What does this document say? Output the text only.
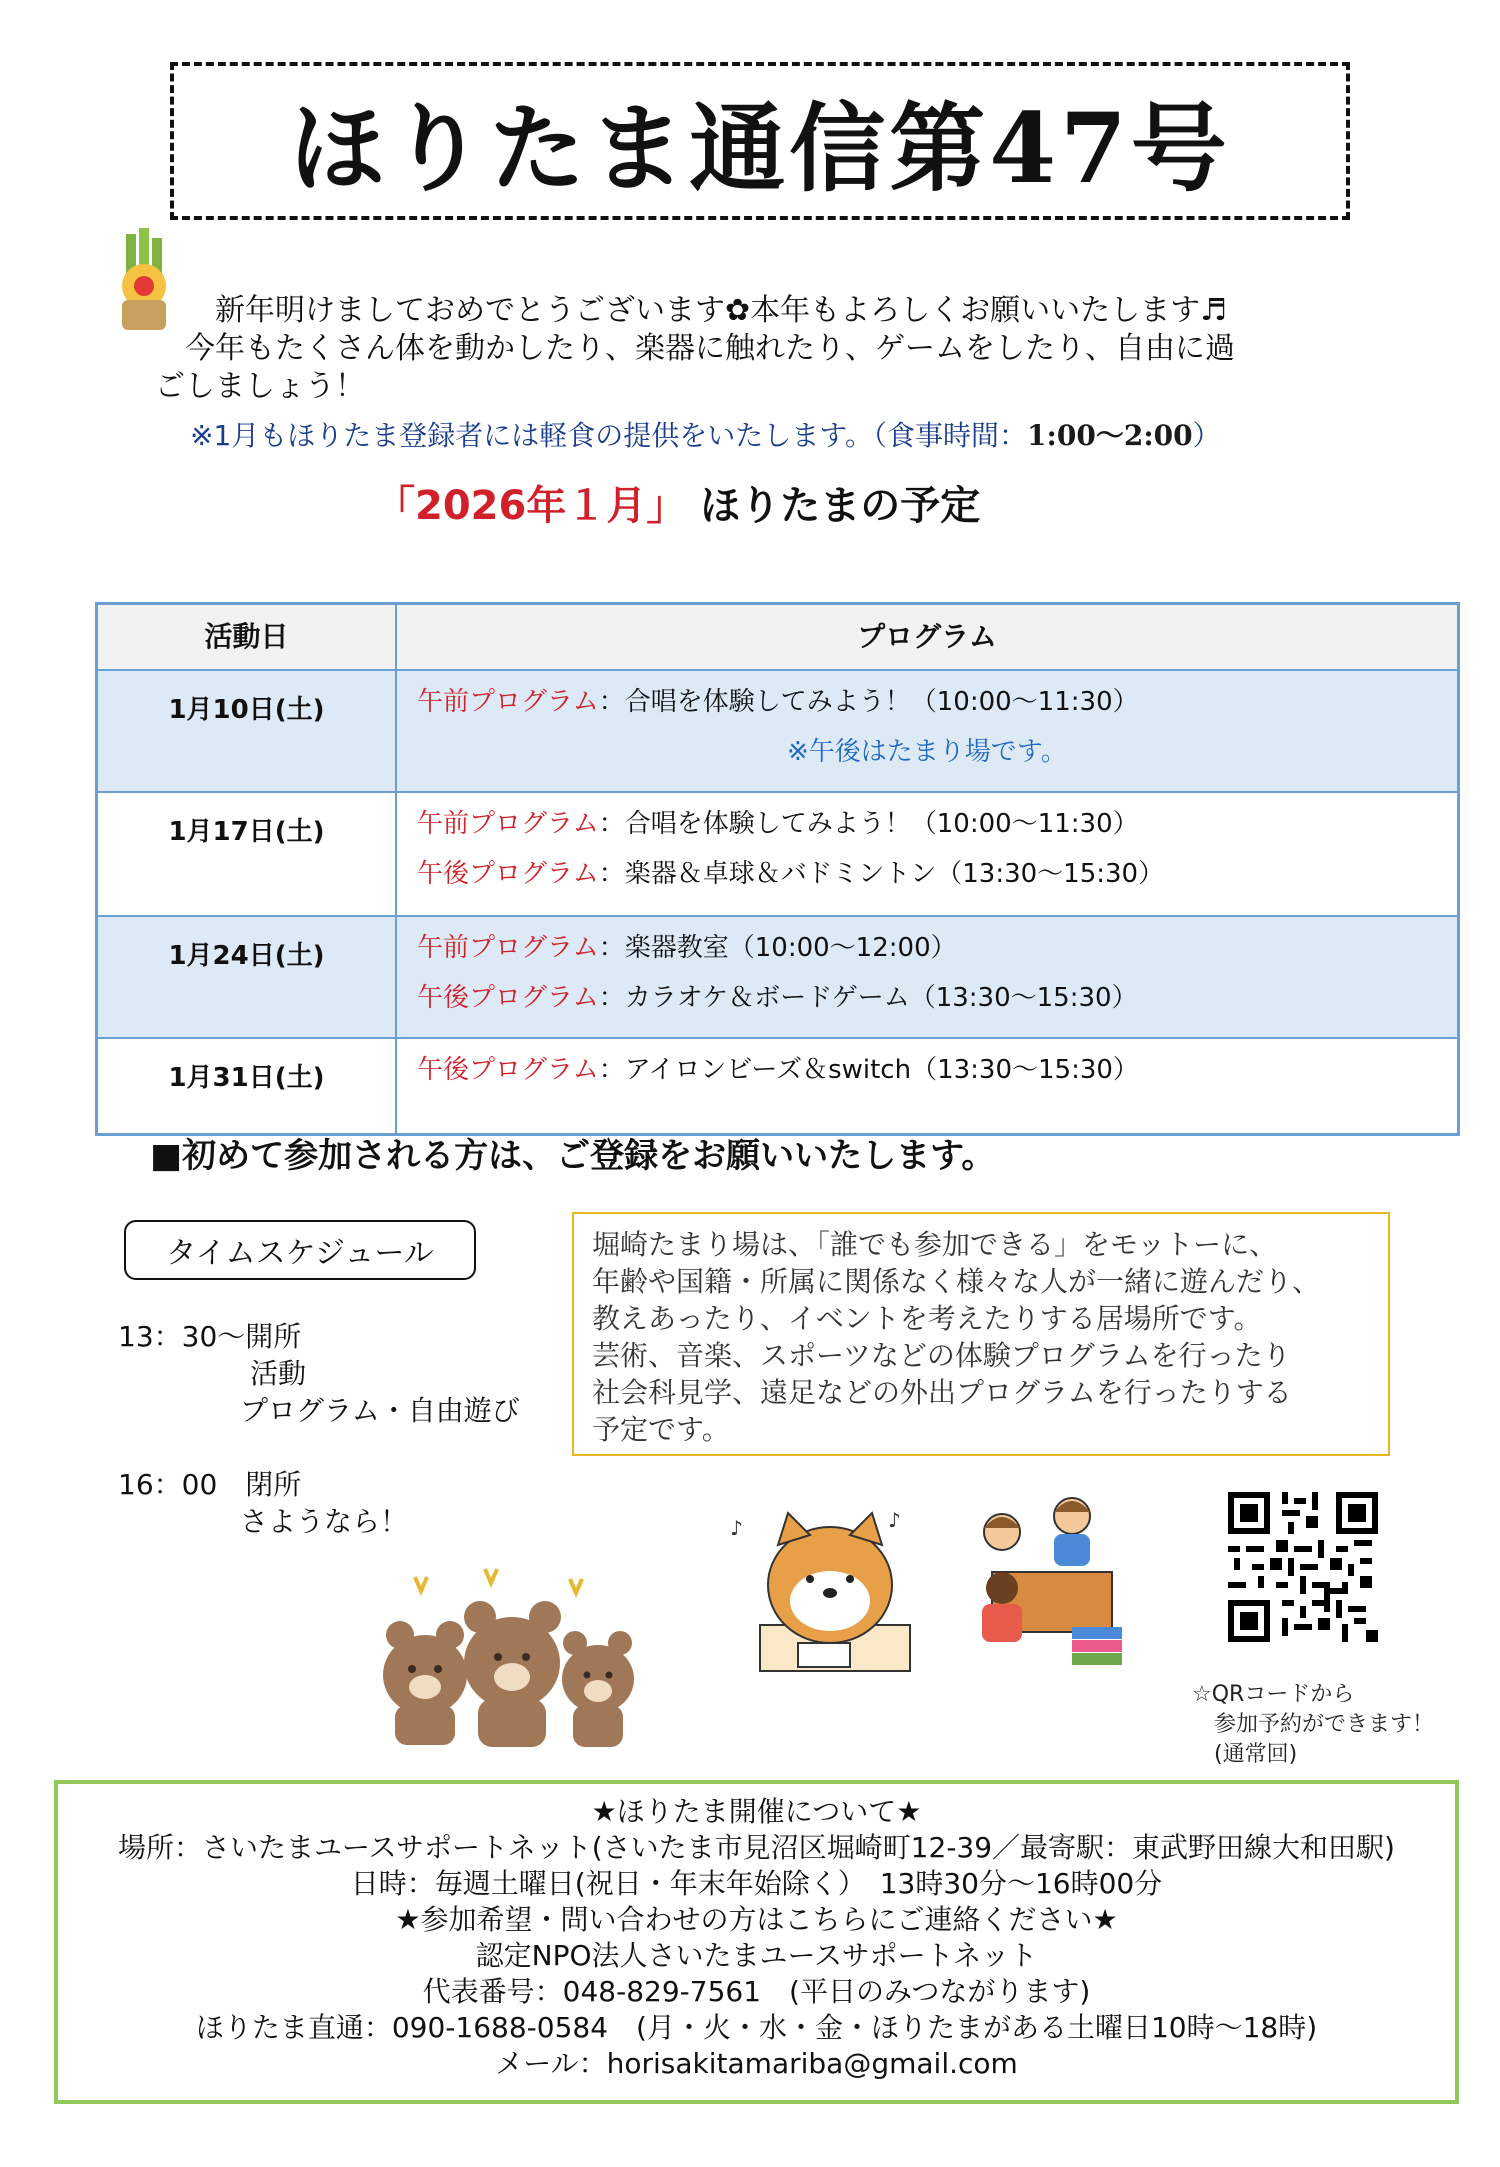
ほりたま通信第47号
新年明けましておめでとうございます✿本年もよろしくお願いいたします♬
今年もたくさん体を動かしたり、楽器に触れたり、ゲームをしたり、自由に過
ごしましょう！
※1月もほりたま登録者には軽食の提供をいたします。（食事時間：1:00～2:00）
「2026年１月」 ほりたまの予定
活動日	プログラム
1月10日(土)	午前プログラム：合唱を体験してみよう！（10:00～11:30）
※午後はたまり場です。
1月17日(土)	午前プログラム：合唱を体験してみよう！（10:00～11:30）
午後プログラム：楽器＆卓球＆バドミントン（13:30～15:30）
1月24日(土)	午前プログラム：楽器教室（10:00～12:00）
午後プログラム：カラオケ＆ボードゲーム（13:30～15:30）
1月31日(土)	午後プログラム：アイロンビーズ＆switch（13:30～15:30）
■初めて参加される方は、ご登録をお願いいたします。
タイムスケジュール
13：30～開所
活動
プログラム・自由遊び
16：00　閉所
さようなら！
堀崎たまり場は、「誰でも参加できる」をモットーに、
年齢や国籍・所属に関係なく様々な人が一緒に遊んだり、
教えあったり、イベントを考えたりする居場所です。
芸術、音楽、スポーツなどの体験プログラムを行ったり
社会科見学、遠足などの外出プログラムを行ったりする
予定です。
♪	♪
☆QRコードから
参加予約ができます！
(通常回)
★ほりたま開催について★
場所：さいたまユースサポートネット(さいたま市見沼区堀崎町12-39／最寄駅：東武野田線大和田駅)
日時：毎週土曜日(祝日・年末年始除く）　13時30分～16時00分
★参加希望・問い合わせの方はこちらにご連絡ください★
認定NPO法人さいたまユースサポートネット
代表番号：048-829-7561　(平日のみつながります)
ほりたま直通：090-1688-0584　(月・火・水・金・ほりたまがある土曜日10時～18時)
メール：horisakitamariba@gmail.com
